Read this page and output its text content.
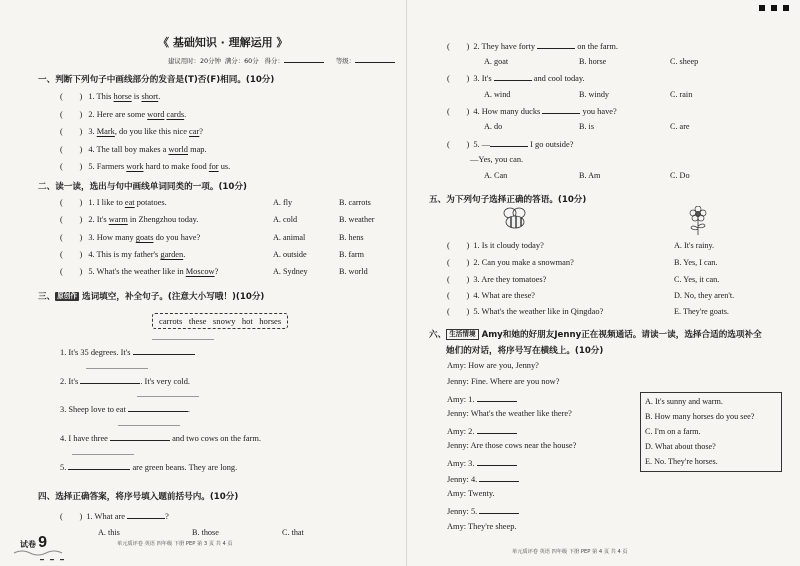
《 基础知识 · 理解运用 》
建议用时：20分钟 满分：60分 得分：	等级：
一、判断下列句子中画线部分的发音是(T)否(F)相同。(10分)
(        ) 1. This horse is short.
(        ) 2. Here are some word cards.
(        ) 3. Mark, do you like this nice car?
(        ) 4. The tall boy makes a world map.
(        ) 5. Farmers work hard to make food for us.
二、读一读，选出与句中画线单词同类的一项。(10分)
(        ) 1. I like to eat potatoes.	A. fly	B. carrots
(        ) 2. It's warm in Zhengzhou today.	A. cold	B. weather
(        ) 3. How many goats do you have?	A. animal	B. hens
(        ) 4. This is my father's garden.	A. outside	B. farm
(        ) 5. What's the weather like in Moscow?	A. Sydney	B. world
三、 原创作 选词填空，补全句子。(注意大小写哦！)(10分)
carrots   these   snowy   hot   horses
1. It's 35 degrees. It's
2. It's	. It's very cold.
3. Sheep love to eat	.
4. I have three	and two cows on the farm.
5.	are green beans. They are long.
四、选择正确答案，将序号填入题前括号内。(10分)
(        ) 1. What are	?
A. this	B. those	C. that
试卷 9	单元质评卷 英语 四年级 下册 PEP 第 3 页 共 4 页
(        ) 2. They have forty	on the farm.
A. goat	B. horse	C. sheep
(        ) 3. It's	and cool today.
A. wind	B. windy	C. rain
(        ) 4. How many ducks	you have?
A. do	B. is	C. are
(        ) 5. —	I go outside?
A. Can	B. Am	C. Do
—Yes, you can.
五、为下列句子选择正确的答语。(10分)
(        ) 1. Is it cloudy today?	A. It's rainy.
(        ) 2. Can you make a snowman?	B. Yes, I can.
(        ) 3. Are they tomatoes?	C. Yes, it can.
(        ) 4. What are these?	D. No, they aren't.
(        ) 5. What's the weather like in Qingdao?	E. They're goats.
六、 生活情境 Amy和她的好朋友Jenny正在视频通话。请读一读，选择合适的选项补全
她们的对话，将序号写在横线上。(10分)
Amy: How are you, Jenny?
Jenny: Fine. Where are you now?
Amy: 1.
Jenny: What's the weather like there?
Amy: 2.
Jenny: Are those cows near the house?
Amy: 3.
Jenny: 4.
Amy: Twenty.
Jenny: 5.
Amy: They're sheep.
A. It's sunny and warm.
B. How many horses do you see?
C. I'm on a farm.
D. What about those?
E. No. They're horses.
单元质评卷 英语 四年级 下册 PEP 第 4 页 共 4 页
